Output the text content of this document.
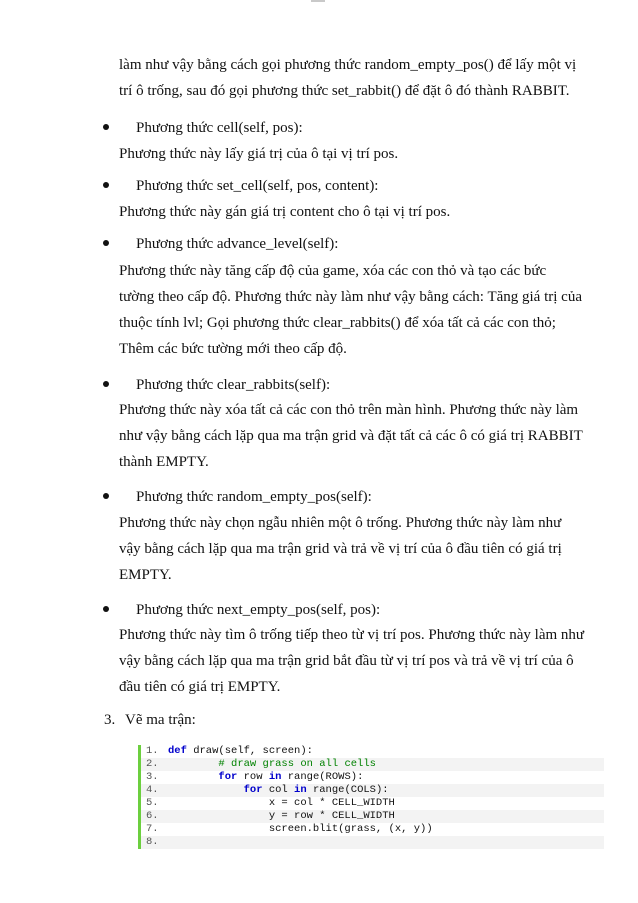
làm như vậy bằng cách gọi phương thức random_empty_pos() để lấy một vị
trí ô trống, sau đó gọi phương thức set_rabbit() để đặt ô đó thành RABBIT.
Phương thức cell(self, pos):
Phương thức này lấy giá trị của ô tại vị trí pos.
Phương thức set_cell(self, pos, content):
Phương thức này gán giá trị content cho ô tại vị trí pos.
Phương thức advance_level(self):
Phương thức này tăng cấp độ của game, xóa các con thỏ và tạo các bức
tường theo cấp độ. Phương thức này làm như vậy bằng cách: Tăng giá trị của
thuộc tính lvl; Gọi phương thức clear_rabbits() để xóa tất cả các con thỏ;
Thêm các bức tường mới theo cấp độ.
Phương thức clear_rabbits(self):
Phương thức này xóa tất cả các con thỏ trên màn hình. Phương thức này làm
như vậy bằng cách lặp qua ma trận grid và đặt tất cả các ô có giá trị RABBIT
thành EMPTY.
Phương thức random_empty_pos(self):
Phương thức này chọn ngẫu nhiên một ô trống. Phương thức này làm như
vậy bằng cách lặp qua ma trận grid và trả về vị trí của ô đầu tiên có giá trị
EMPTY.
Phương thức next_empty_pos(self, pos):
Phương thức này tìm ô trống tiếp theo từ vị trí pos. Phương thức này làm như
vậy bằng cách lặp qua ma trận grid bắt đầu từ vị trí pos và trả về vị trí của ô
đầu tiên có giá trị EMPTY.
3. Vẽ ma trận:
1. def draw(self, screen):
2.	# draw grass on all cells
3.	for row in range(ROWS):
4.	for col in range(COLS):
5.                x = col * CELL_WIDTH
6.                y = row * CELL_WIDTH
7.                screen.blit(grass, (x, y))
8.
